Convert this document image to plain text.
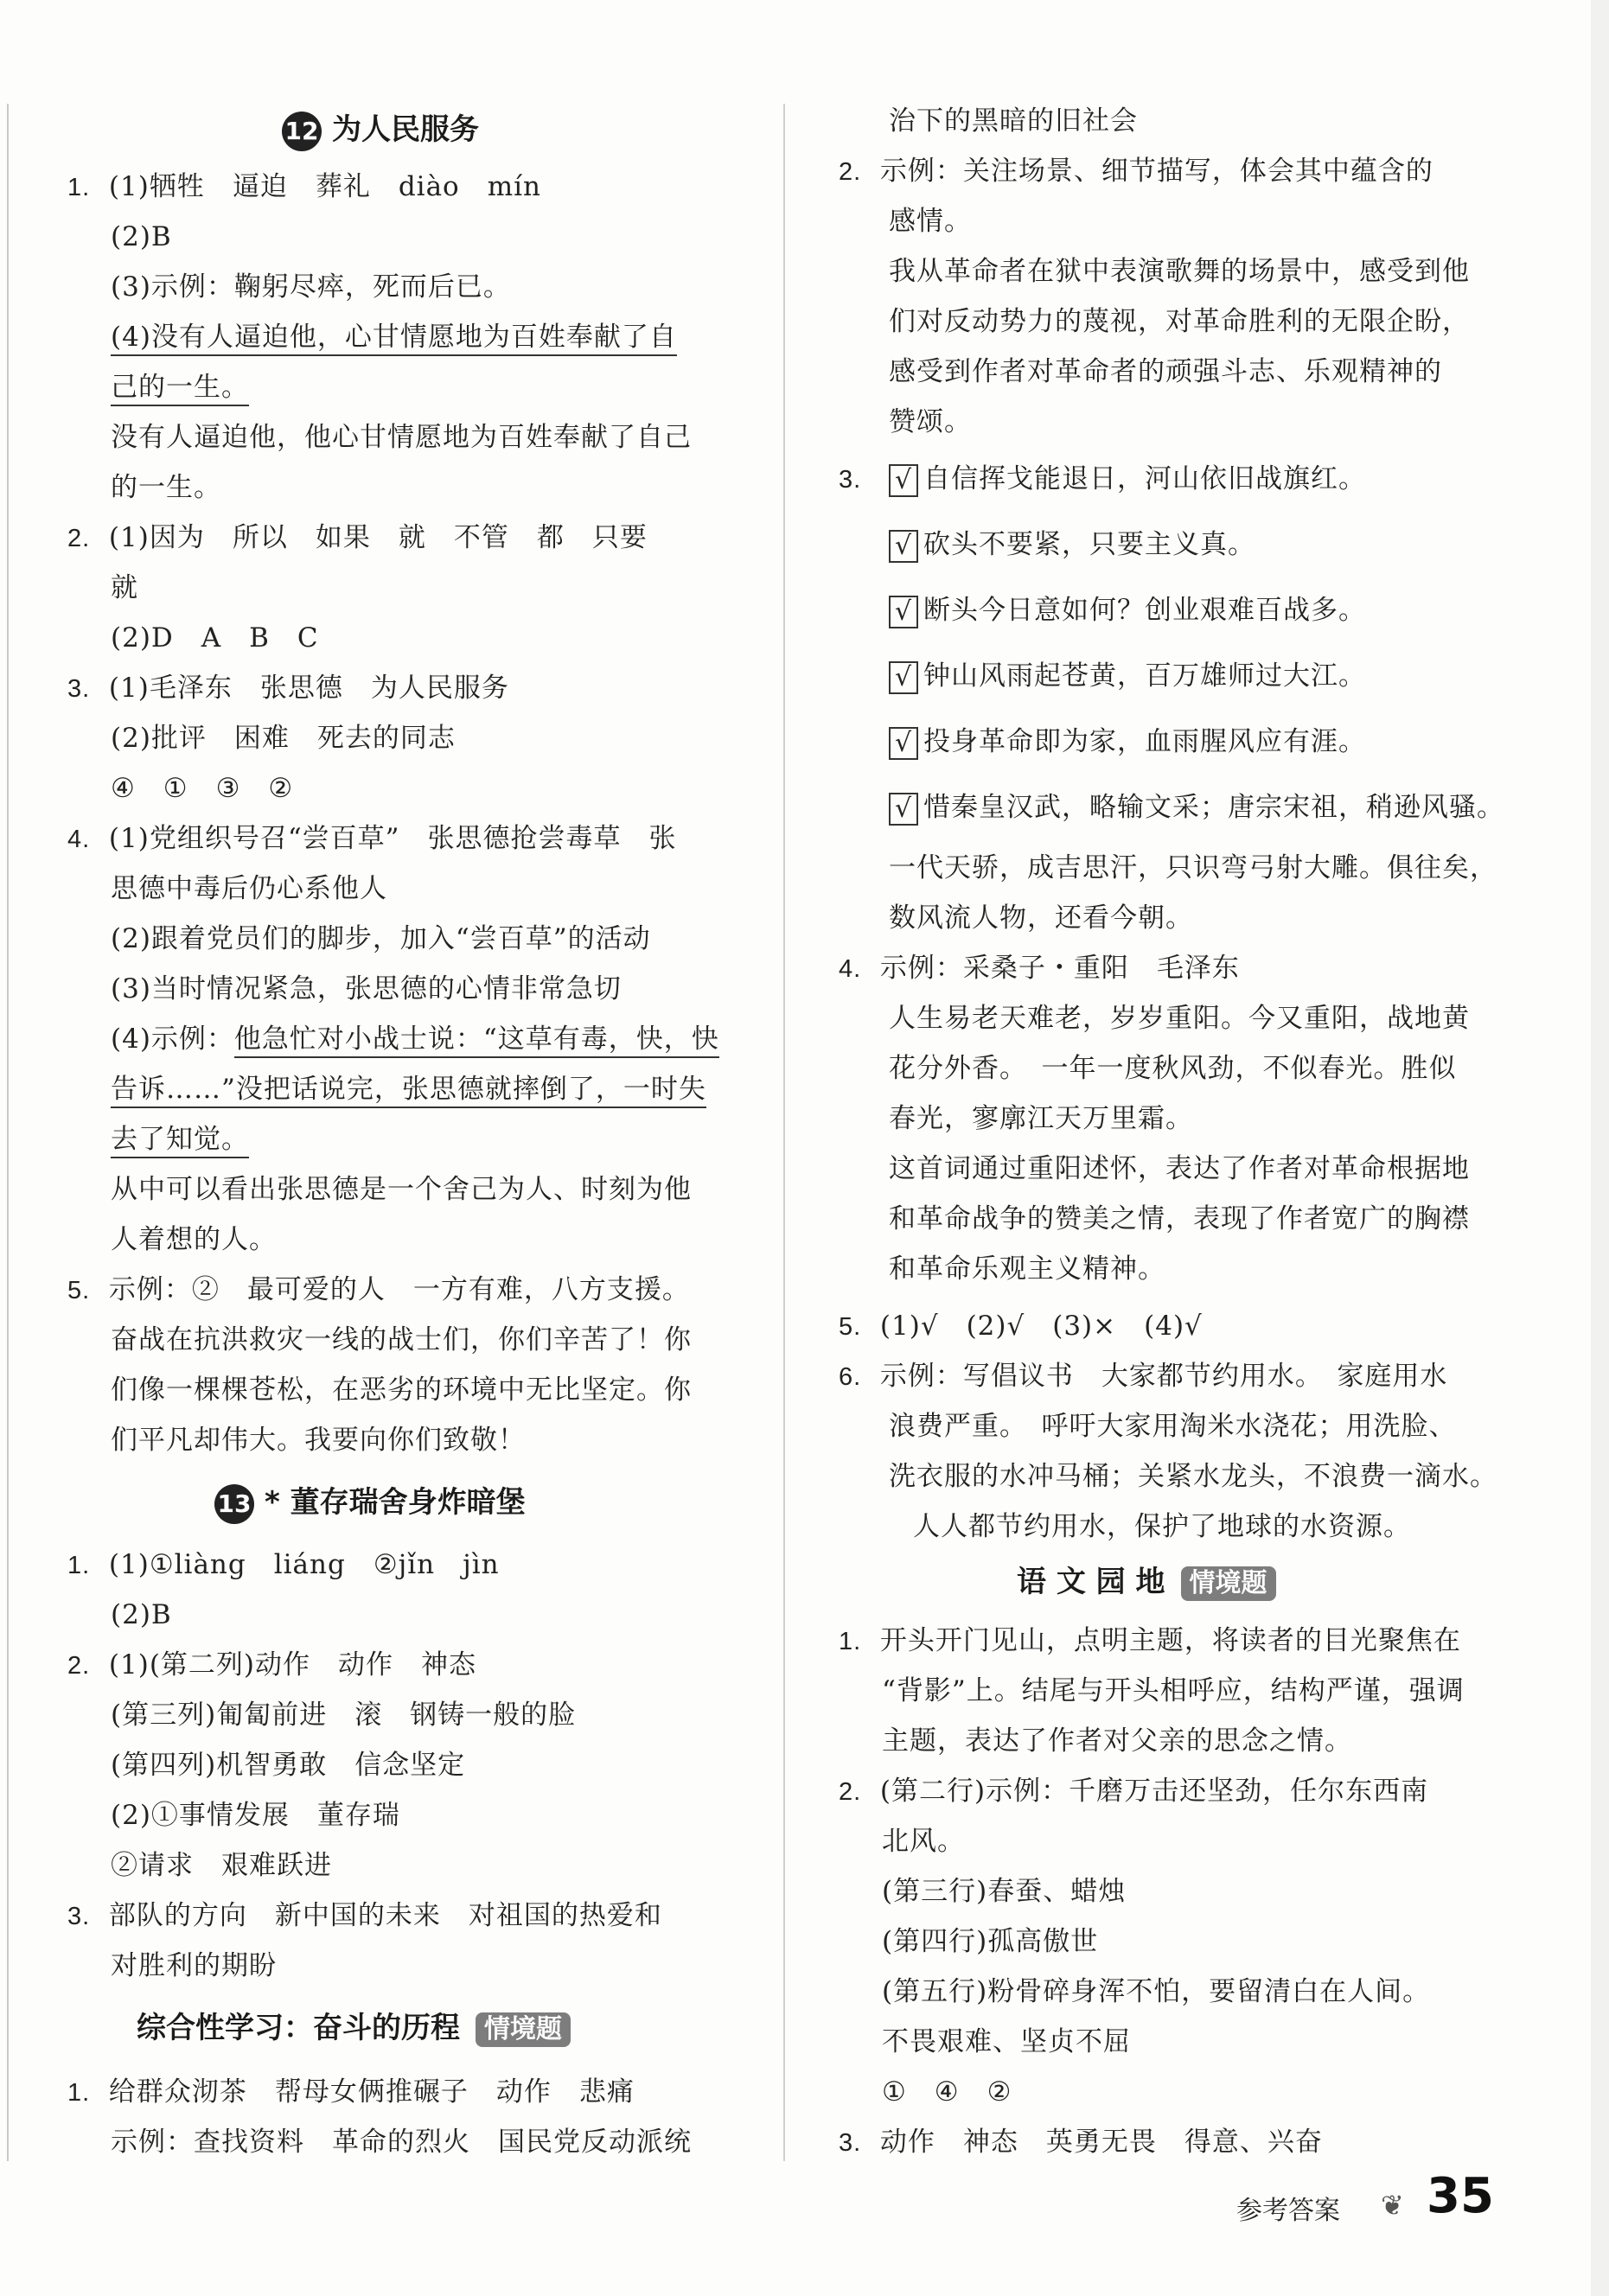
12 为人民服务
1. (1)牺牲　逼迫　葬礼　diào　mín
(2)B
(3)示例：鞠躬尽瘁，死而后已。
(4)没有人逼迫他，心甘情愿地为百姓奉献了自
己的一生。
没有人逼迫他，他心甘情愿地为百姓奉献了自己
的一生。
2. (1)因为　所以　如果　就　不管　都　只要
就
(2)D　A　B　C
3. (1)毛泽东　张思德　为人民服务
(2)批评　困难　死去的同志
④　①　③　②
4. (1)党组织号召“尝百草”　张思德抢尝毒草　张
思德中毒后仍心系他人
(2)跟着党员们的脚步，加入“尝百草”的活动
(3)当时情况紧急，张思德的心情非常急切
(4)示例：他急忙对小战士说：“这草有毒，快，快
告诉……”没把话说完，张思德就摔倒了，一时失
去了知觉。
从中可以看出张思德是一个舍己为人、时刻为他
人着想的人。
5. 示例：②　最可爱的人　一方有难，八方支援。
奋战在抗洪救灾一线的战士们，你们辛苦了！你
们像一棵棵苍松，在恶劣的环境中无比坚定。你
们平凡却伟大。我要向你们致敬！
13 * 董存瑞舍身炸暗堡
1. (1)①liàng　liáng　②jǐn　jìn
(2)B
2. (1)(第二列)动作　动作　神态
(第三列)匍匐前进　滚　钢铸一般的脸
(第四列)机智勇敢　信念坚定
(2)①事情发展　董存瑞
②请求　艰难跃进
3. 部队的方向　新中国的未来　对祖国的热爱和
对胜利的期盼
综合性学习：奋斗的历程 情境题
1. 给群众沏茶　帮母女俩推碾子　动作　悲痛
示例：查找资料　革命的烈火　国民党反动派统
治下的黑暗的旧社会
2. 示例：关注场景、细节描写，体会其中蕴含的
感情。
我从革命者在狱中表演歌舞的场景中，感受到他
们对反动势力的蔑视，对革命胜利的无限企盼，
感受到作者对革命者的顽强斗志、乐观精神的
赞颂。
3. √ 自信挥戈能退日，河山依旧战旗红。
√ 砍头不要紧，只要主义真。
√ 断头今日意如何？创业艰难百战多。
√ 钟山风雨起苍黄，百万雄师过大江。
√ 投身革命即为家，血雨腥风应有涯。
√ 惜秦皇汉武，略输文采；唐宗宋祖，稍逊风骚。
一代天骄，成吉思汗，只识弯弓射大雕。俱往矣，
数风流人物，还看今朝。
4. 示例：采桑子・重阳　毛泽东
人生易老天难老，岁岁重阳。今又重阳，战地黄
花分外香。　一年一度秋风劲，不似春光。胜似
春光，寥廓江天万里霜。
这首词通过重阳述怀，表达了作者对革命根据地
和革命战争的赞美之情，表现了作者宽广的胸襟
和革命乐观主义精神。
5. (1)√　(2)√　(3)×　(4)√
6. 示例：写倡议书　大家都节约用水。　家庭用水
浪费严重。　呼吁大家用淘米水浇花；用洗脸、
洗衣服的水冲马桶；关紧水龙头，不浪费一滴水。
人人都节约用水，保护了地球的水资源。
语 文 园 地 情境题
1. 开头开门见山，点明主题，将读者的目光聚焦在
“背影”上。结尾与开头相呼应，结构严谨，强调
主题，表达了作者对父亲的思念之情。
2. (第二行)示例：千磨万击还坚劲，任尔东西南
北风。
(第三行)春蚕、蜡烛
(第四行)孤高傲世
(第五行)粉骨碎身浑不怕，要留清白在人间。
不畏艰难、坚贞不屈
①　④　②
3. 动作　神态　英勇无畏　得意、兴奋
参考答案 ❦ 35
